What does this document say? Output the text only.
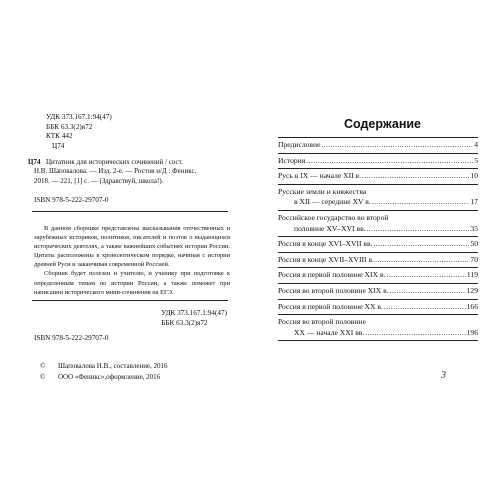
УДК 373.167.1:94(47)
ББК 63.3(2)я72
КТК 442
Ц74
Ц74 Цитатник для исторических сочинений / сост.
Н.В. Шаповалова. — Изд. 2-е. — Ростов н/Д : Феникс,
2018. — 221, [1] с. — (Здравствуй, школа!).
ISBN 978-5-222-29707-0

В данном сборнике представлены высказывания отечественных и зарубежных историков, политиков, писателей и поэтов о выдающихся исторических деятелях, а также важнейших событиях истории России. Цитаты расположены в хронологическом порядке, начиная с истории древней Руси и заканчивая современной Россией.

Сборник будет полезен и учителю, и ученику при подготовке к определенным темам по истории России, а также поможет при написании исторического мини-сочинения на ЕГЭ.

УДК 373.167.1:94(47)
ББК 63.3(2)я72
ISBN 978-5-222-29707-0
© Шаповалова Н.В., составление, 2016
© ООО «Феникс»,оформление, 2016
Содержание
Предисловие .....	4
История .....	5
Русь в IX — начале XII в. .....	10
Русские земли и княжества
в XII — середине XV в. .....	17
Российское государство во второй
половине XV–XVI вв. .....	35
Россия в конце XVI–XVII вв. .....	50
Россия в конце XVII–XVIII в. .....	70
Россия в первой половине XIX в. .....	119
Россия во второй половине XIX в. .....	129
Россия в первой половине XX в. .....	166
Россия во второй половине
XX — начале XXI вв. .....	196
3
